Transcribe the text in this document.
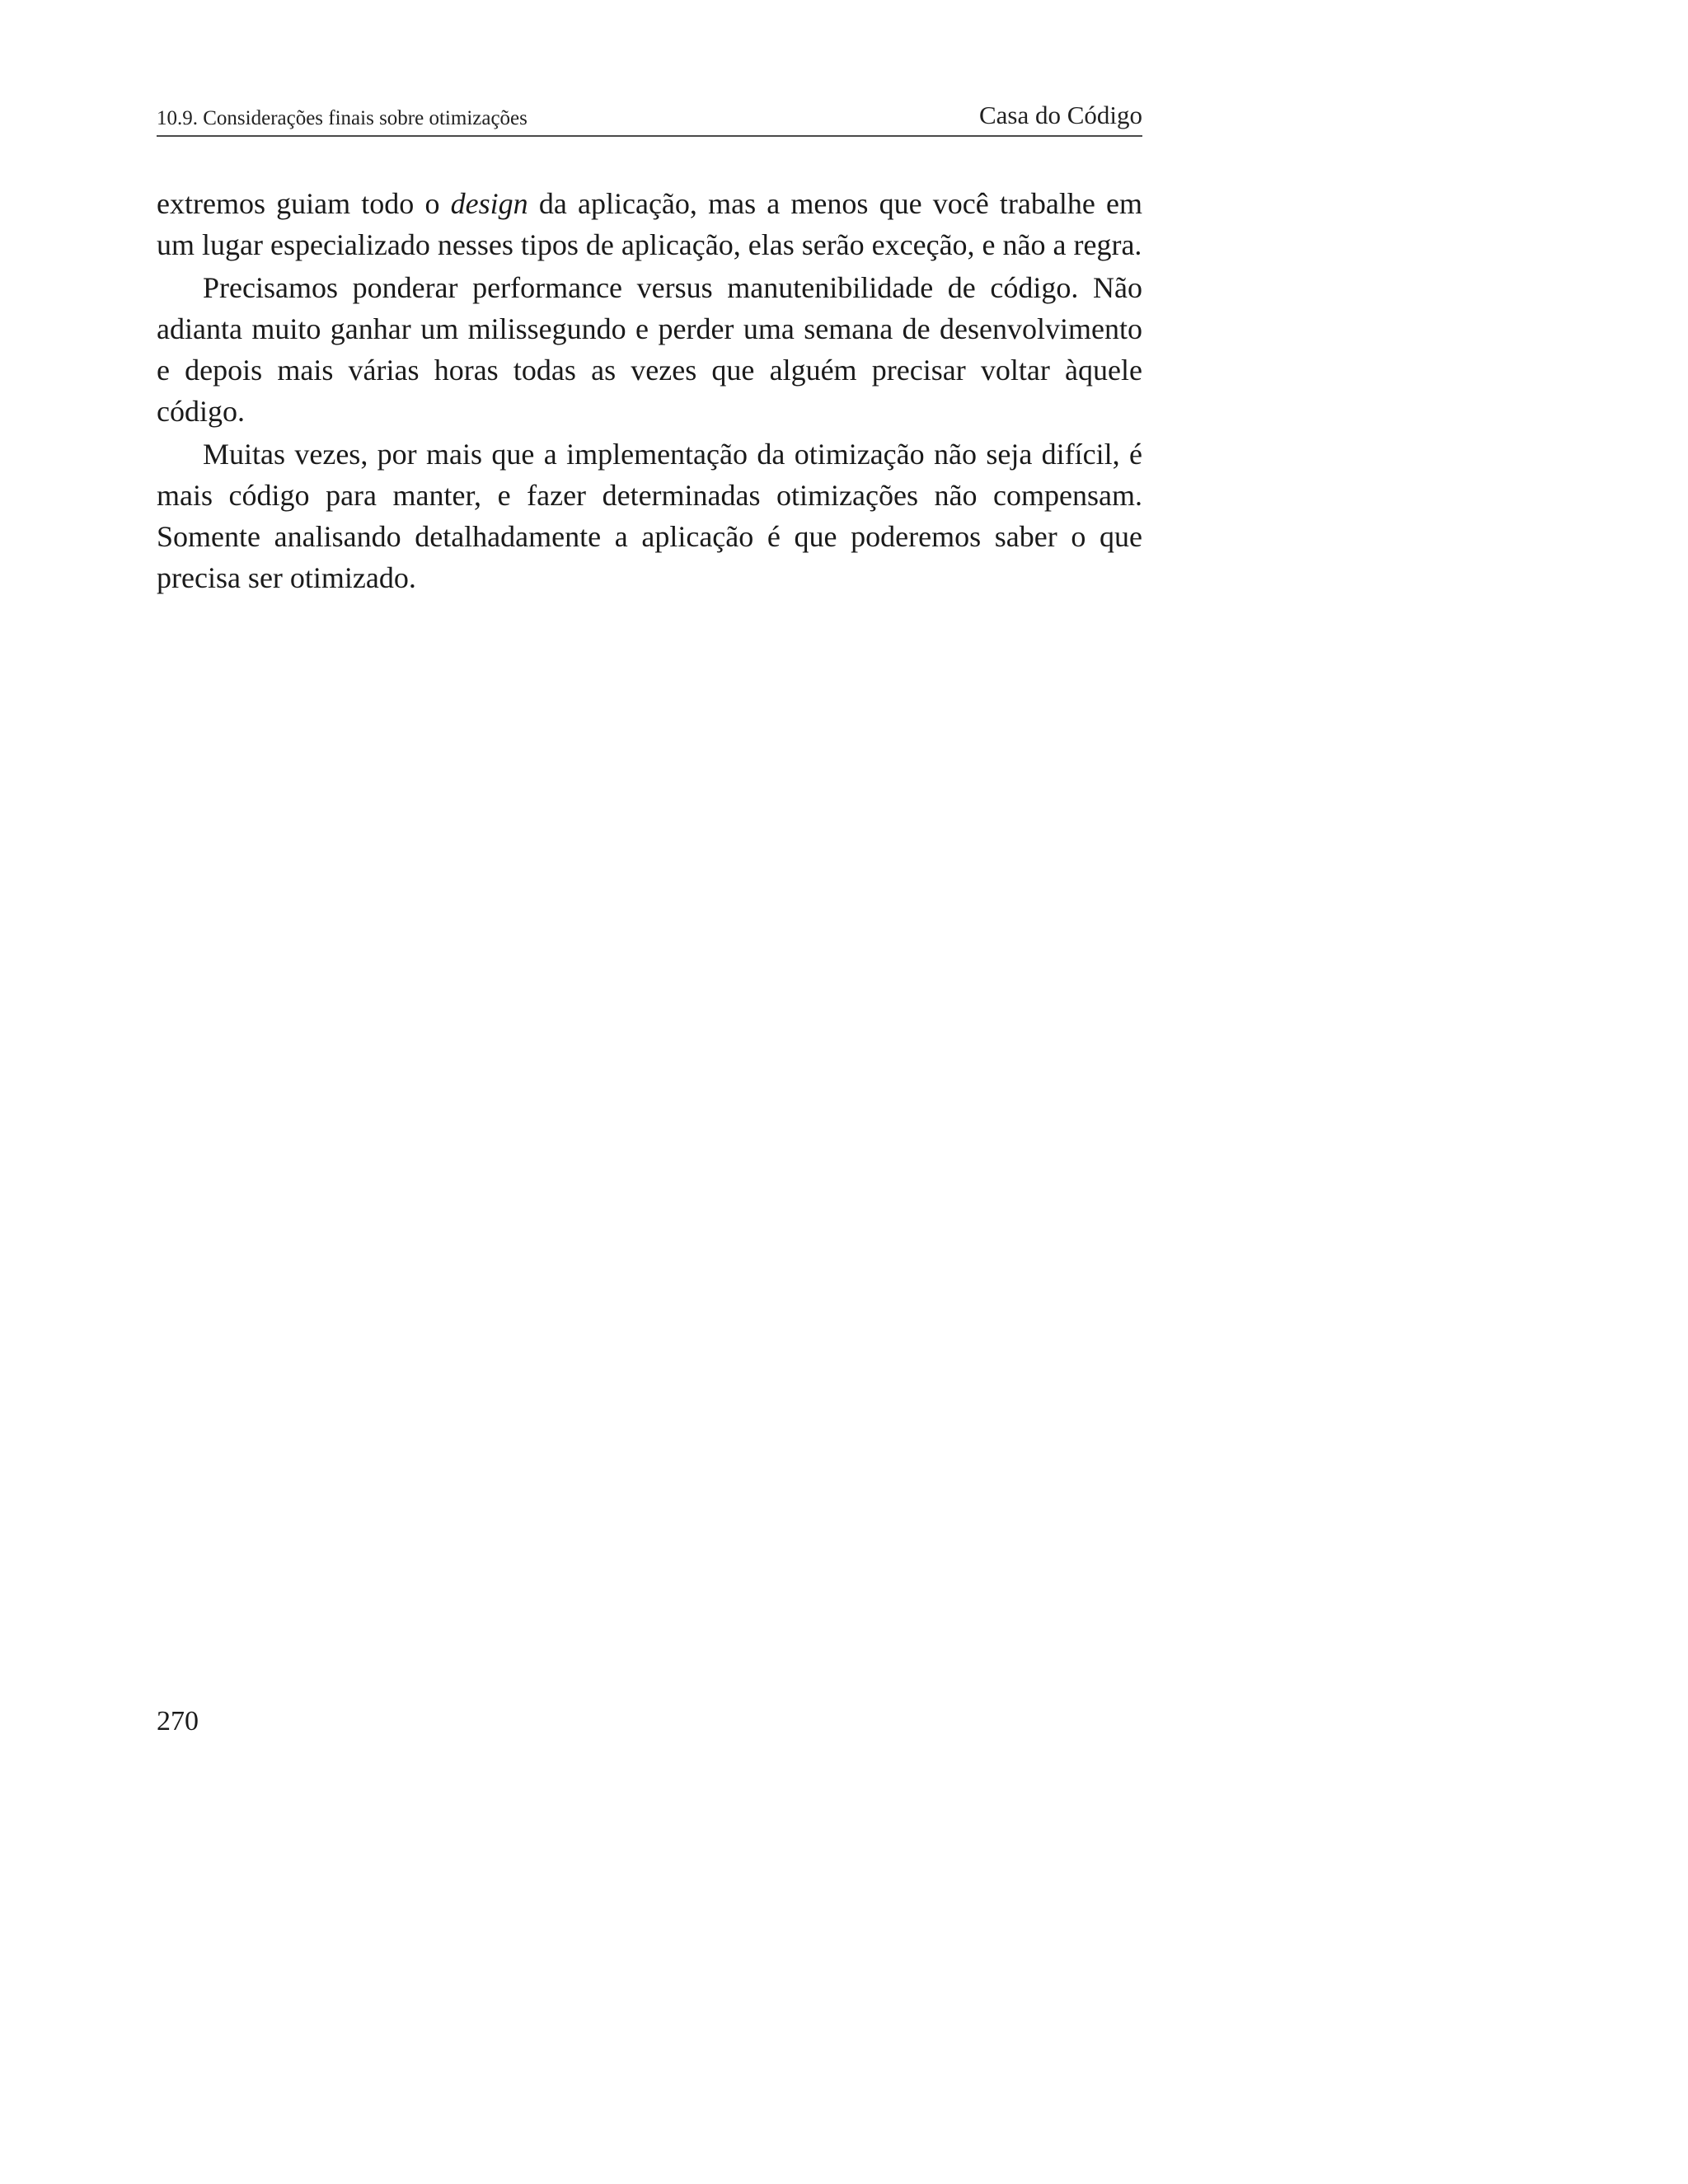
10.9. Considerações finais sobre otimizações	Casa do Código

extremos guiam todo o design da aplicação, mas a menos que você trabalhe em um lugar especializado nesses tipos de aplicação, elas serão exceção, e não a regra.

Precisamos ponderar performance versus manutenibilidade de código. Não adianta muito ganhar um milissegundo e perder uma semana de desenvolvimento e depois mais várias horas todas as vezes que alguém precisar voltar àquele código.

Muitas vezes, por mais que a implementação da otimização não seja difícil, é mais código para manter, e fazer determinadas otimizações não compensam. Somente analisando detalhadamente a aplicação é que poderemos saber o que precisa ser otimizado.

270
